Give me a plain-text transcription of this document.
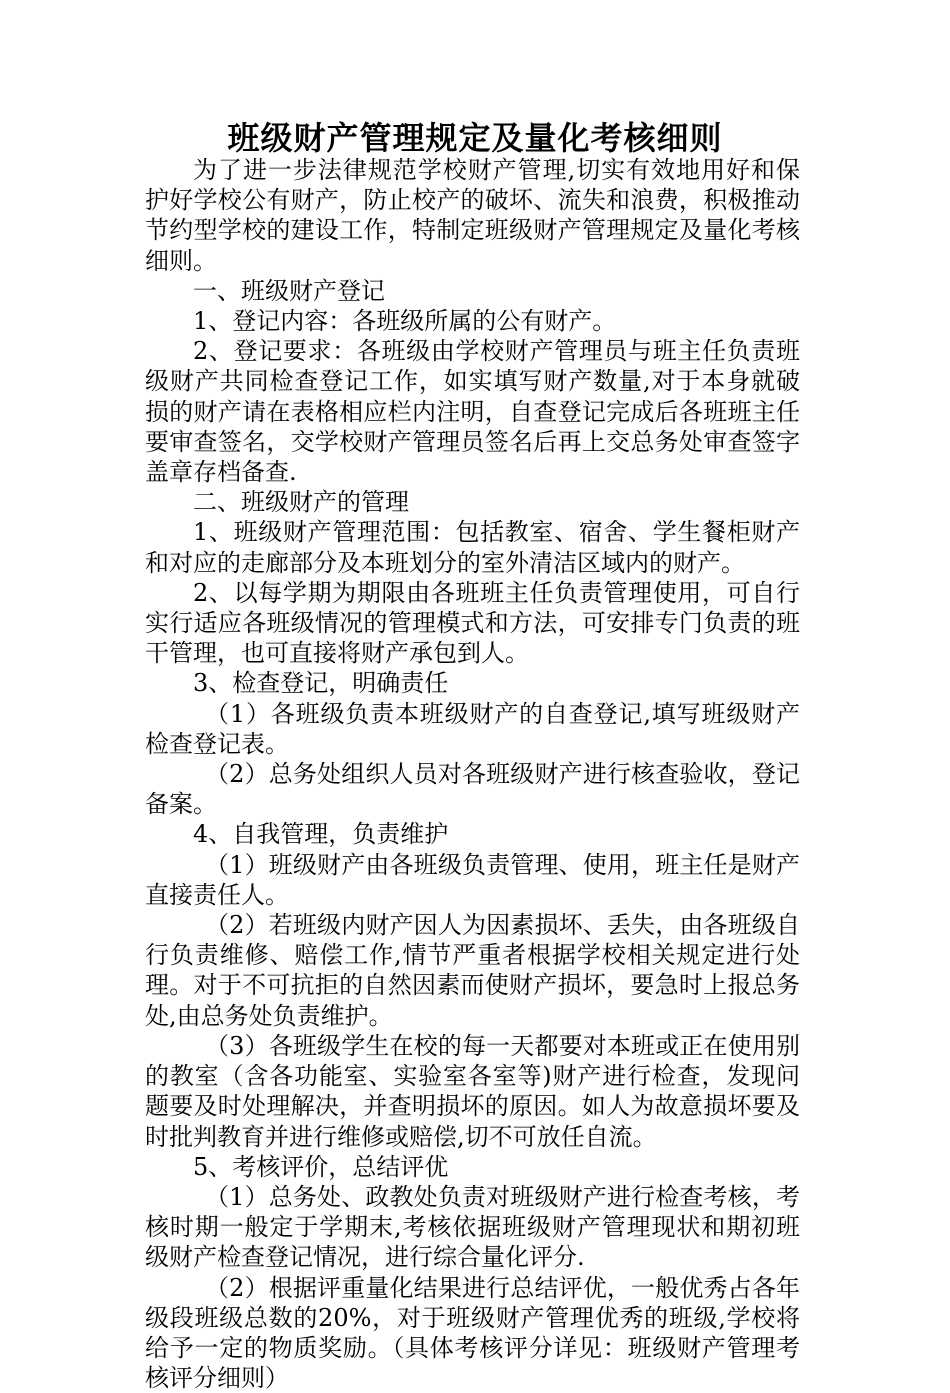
班级财产管理规定及量化考核细则

为了进一步法律规范学校财产管理,切实有效地用好和保护好学校公有财产，防止校产的破坏、流失和浪费，积极推动节约型学校的建设工作，特制定班级财产管理规定及量化考核细则。

一、班级财产登记

1、登记内容：各班级所属的公有财产。

2、登记要求：各班级由学校财产管理员与班主任负责班级财产共同检查登记工作，如实填写财产数量,对于本身就破损的财产请在表格相应栏内注明，自查登记完成后各班班主任要审查签名，交学校财产管理员签名后再上交总务处审查签字盖章存档备查.

二、班级财产的管理

1、班级财产管理范围：包括教室、宿舍、学生餐柜财产和对应的走廊部分及本班划分的室外清洁区域内的财产。

2、以每学期为期限由各班班主任负责管理使用，可自行实行适应各班级情况的管理模式和方法，可安排专门负责的班干管理，也可直接将财产承包到人。

3、检查登记，明确责任

（1）各班级负责本班级财产的自查登记,填写班级财产检查登记表。

（2）总务处组织人员对各班级财产进行核查验收，登记备案。

4、自我管理，负责维护

（1）班级财产由各班级负责管理、使用，班主任是财产直接责任人。

（2）若班级内财产因人为因素损坏、丢失，由各班级自行负责维修、赔偿工作,情节严重者根据学校相关规定进行处理。对于不可抗拒的自然因素而使财产损坏，要急时上报总务处,由总务处负责维护。

（3）各班级学生在校的每一天都要对本班或正在使用别的教室（含各功能室、实验室各室等)财产进行检查，发现问题要及时处理解决，并查明损坏的原因。如人为故意损坏要及时批判教育并进行维修或赔偿,切不可放任自流。

5、考核评价，总结评优

（1）总务处、政教处负责对班级财产进行检查考核，考核时期一般定于学期末,考核依据班级财产管理现状和期初班级财产检查登记情况，进行综合量化评分.

（2）根据评重量化结果进行总结评优，一般优秀占各年级段班级总数的20%，对于班级财产管理优秀的班级,学校将给予一定的物质奖励。（具体考核评分详见：班级财产管理考核评分细则）
